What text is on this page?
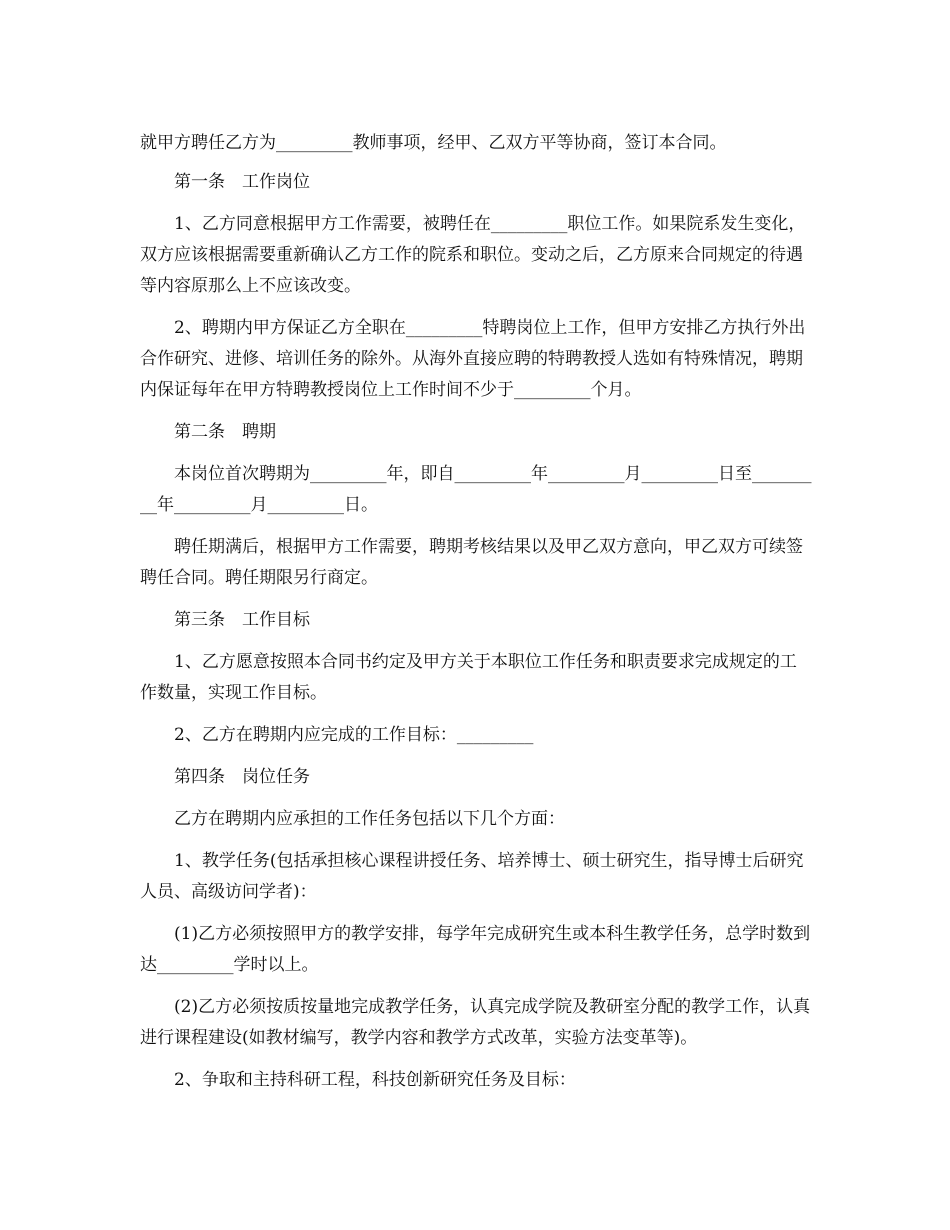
就甲方聘任乙方为_________教师事项，经甲、乙双方平等协商，签订本合同。

第一条　工作岗位

1、乙方同意根据甲方工作需要，被聘任在_________职位工作。如果院系发生变化，双方应该根据需要重新确认乙方工作的院系和职位。变动之后，乙方原来合同规定的待遇等内容原那么上不应该改变。

2、聘期内甲方保证乙方全职在_________特聘岗位上工作，但甲方安排乙方执行外出合作研究、进修、培训任务的除外。从海外直接应聘的特聘教授人选如有特殊情况，聘期内保证每年在甲方特聘教授岗位上工作时间不少于_________个月。

第二条　聘期

本岗位首次聘期为_________年，即自_________年_________月_________日至_________年_________月_________日。

聘任期满后，根据甲方工作需要，聘期考核结果以及甲乙双方意向，甲乙双方可续签聘任合同。聘任期限另行商定。

第三条　工作目标

1、乙方愿意按照本合同书约定及甲方关于本职位工作任务和职责要求完成规定的工作数量，实现工作目标。

2、乙方在聘期内应完成的工作目标：_________

第四条　岗位任务

乙方在聘期内应承担的工作任务包括以下几个方面：

1、教学任务(包括承担核心课程讲授任务、培养博士、硕士研究生，指导博士后研究人员、高级访问学者)：

(1)乙方必须按照甲方的教学安排，每学年完成研究生或本科生教学任务，总学时数到达_________学时以上。

(2)乙方必须按质按量地完成教学任务，认真完成学院及教研室分配的教学工作，认真进行课程建设(如教材编写，教学内容和教学方式改革，实验方法变革等)。

2、争取和主持科研工程，科技创新研究任务及目标：
